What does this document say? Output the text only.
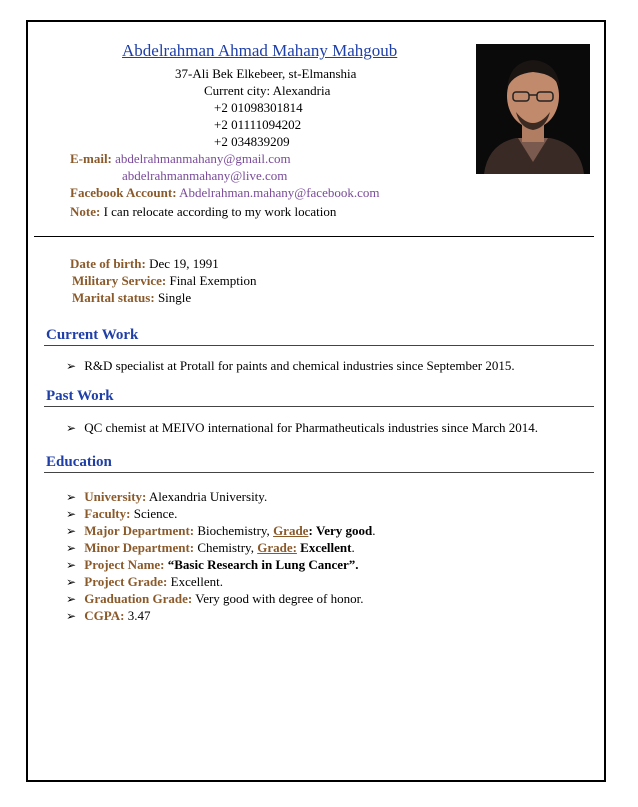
Abdelrahman Ahmad Mahany Mahgoub
37-Ali Bek Elkebeer, st-Elmanshia
Current city: Alexandria
+2 01098301814
+2 01111094202
+2 034839209
E-mail: abdelrahmanmahany@gmail.com
abdelrahmanmahany@live.com
Facebook Account: Abdelrahman.mahany@facebook.com
Note: I can relocate according to my work location
Date of birth: Dec 19, 1991
Military Service: Final Exemption
Marital status: Single
Current Work
➢ R&D specialist at Protall for paints and chemical industries since September 2015.
Past Work
➢ QC chemist at MEIVO international for Pharmatheuticals industries since March 2014.
Education
➢ University: Alexandria University.
➢ Faculty: Science.
➢ Major Department: Biochemistry, Grade: Very good.
➢ Minor Department: Chemistry, Grade: Excellent.
➢ Project Name: “Basic Research in Lung Cancer”.
➢ Project Grade: Excellent.
➢ Graduation Grade: Very good with degree of honor.
➢ CGPA: 3.47
